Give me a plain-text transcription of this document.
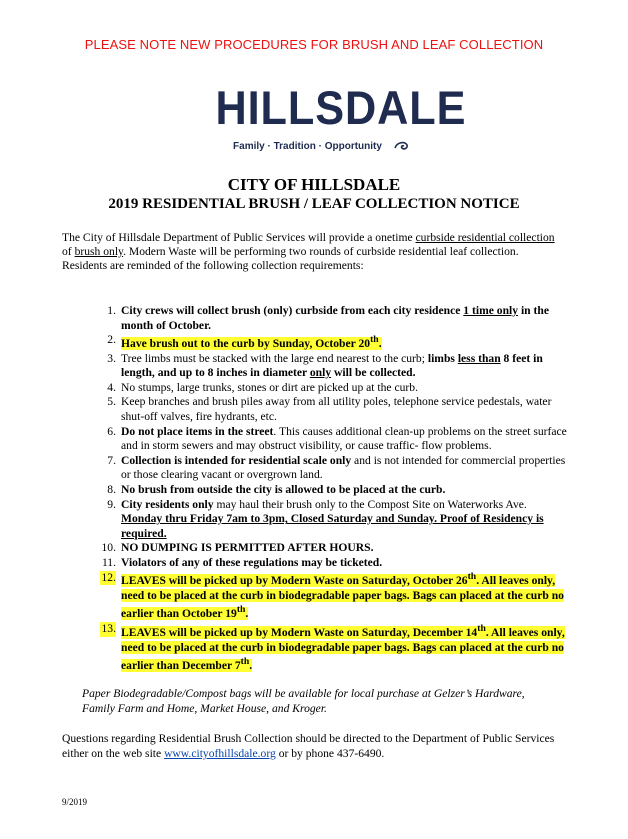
PLEASE NOTE NEW PROCEDURES FOR BRUSH AND LEAF COLLECTION
HILLSDALE
Family · Tradition · Opportunity
CITY OF HILLSDALE
2019 RESIDENTIAL BRUSH / LEAF COLLECTION NOTICE

The City of Hillsdale Department of Public Services will provide a onetime curbside residential collection of brush only. Modern Waste will be performing two rounds of curbside residential leaf collection.

Residents are reminded of the following collection requirements:

1. City crews will collect brush (only) curbside from each city residence 1 time only in the month of October.
2. Have brush out to the curb by Sunday, October 20th.
3. Tree limbs must be stacked with the large end nearest to the curb; limbs less than 8 feet in length, and up to 8 inches in diameter only will be collected.
4. No stumps, large trunks, stones or dirt are picked up at the curb.
5. Keep branches and brush piles away from all utility poles, telephone service pedestals, water shut-off valves, fire hydrants, etc.
6. Do not place items in the street. This causes additional clean-up problems on the street surface and in storm sewers and may obstruct visibility, or cause traffic- flow problems.
7. Collection is intended for residential scale only and is not intended for commercial properties or those clearing vacant or overgrown land.
8. No brush from outside the city is allowed to be placed at the curb.
9. City residents only may haul their brush only to the Compost Site on Waterworks Ave. Monday thru Friday 7am to 3pm, Closed Saturday and Sunday. Proof of Residency is required.
10. NO DUMPING IS PERMITTED AFTER HOURS.
11. Violators of any of these regulations may be ticketed.
12. LEAVES will be picked up by Modern Waste on Saturday, October 26th. All leaves only, need to be placed at the curb in biodegradable paper bags. Bags can placed at the curb no earlier than October 19th.
13. LEAVES will be picked up by Modern Waste on Saturday, December 14th. All leaves only, need to be placed at the curb in biodegradable paper bags. Bags can placed at the curb no earlier than December 7th.
Paper Biodegradable/Compost bags will be available for local purchase at Gelzer’s Hardware, Family Farm and Home, Market House, and Kroger.
Questions regarding Residential Brush Collection should be directed to the Department of Public Services either on the web site www.cityofhillsdale.org or by phone 437-6490.
9/2019
